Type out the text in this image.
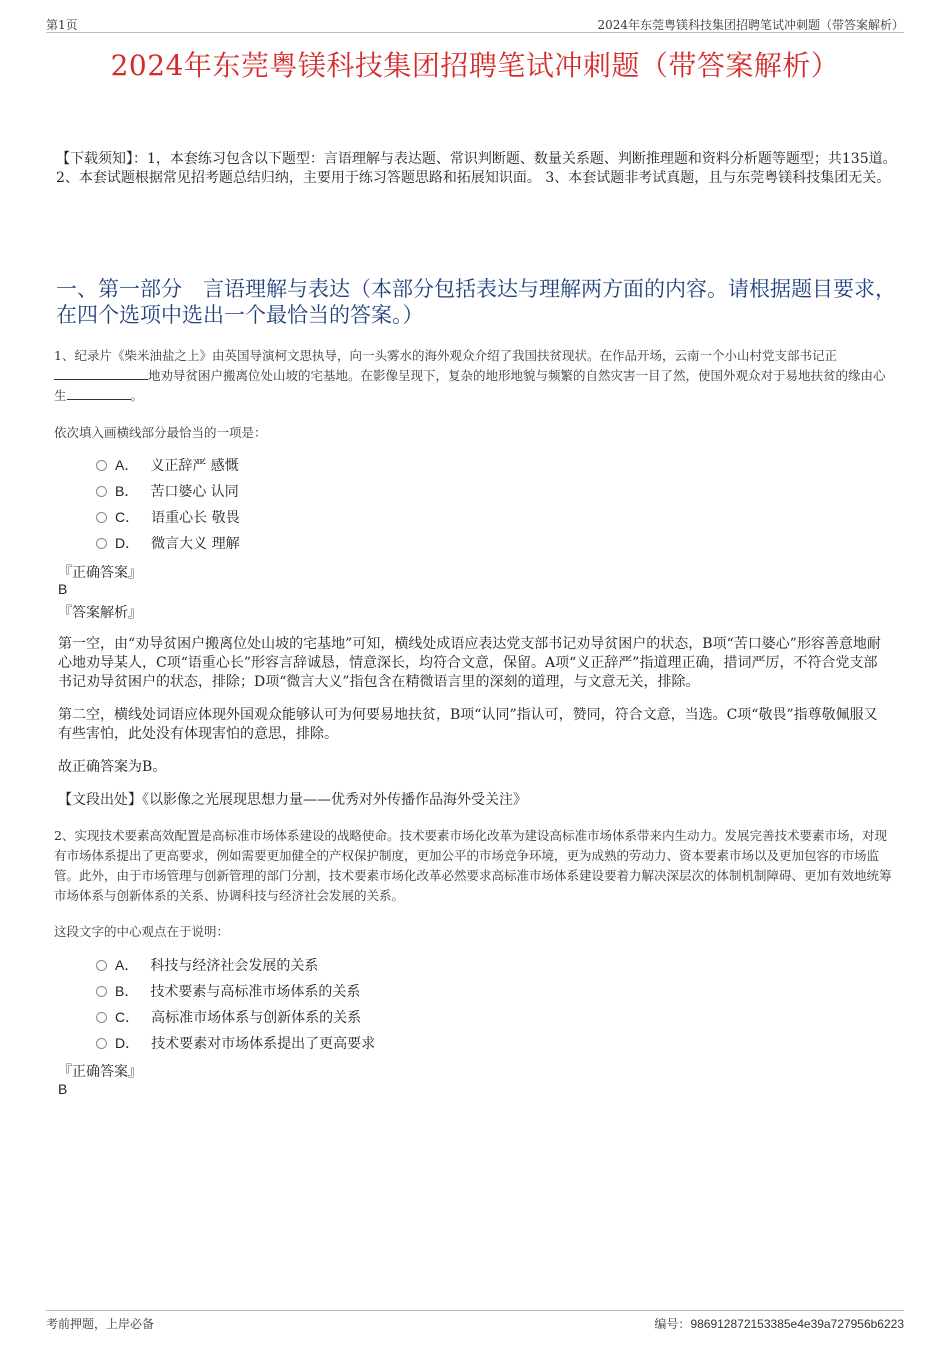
第1页	2024年东莞粤镁科技集团招聘笔试冲刺题（带答案解析）
2024年东莞粤镁科技集团招聘笔试冲刺题（带答案解析）
【下载须知】：1，本套练习包含以下题型：言语理解与表达题、常识判断题、数量关系题、判断推理题和资料分析题等题型；共135道。 2、本套试题根据常见招考题总结归纳，主要用于练习答题思路和拓展知识面。 3、本套试题非考试真题，且与东莞粤镁科技集团无关。
一、第一部分　言语理解与表达（本部分包括表达与理解两方面的内容。请根据题目要求，在四个选项中选出一个最恰当的答案。）
1、纪录片《柴米油盐之上》由英国导演柯文思执导，向一头雾水的海外观众介绍了我国扶贫现状。在作品开场，云南一个小山村党支部书记正地劝导贫困户搬离位处山坡的宅基地。在影像呈现下，复杂的地形地貌与频繁的自然灾害一目了然，使国外观众对于易地扶贫的缘由心生	。
依次填入画横线部分最恰当的一项是：
A． 义正辞严 感慨
B． 苦口婆心 认同
C． 语重心长 敬畏
D． 微言大义 理解
『正确答案』
B
『答案解析』
第一空，由“劝导贫困户搬离位处山坡的宅基地”可知，横线处成语应表达党支部书记劝导贫困户的状态，B项“苦口婆心”形容善意地耐心地劝导某人，C项“语重心长”形容言辞诚恳，情意深长，均符合文意，保留。A项“义正辞严”指道理正确，措词严厉，不符合党支部书记劝导贫困户的状态，排除；D项“微言大义”指包含在精微语言里的深刻的道理，与文意无关，排除。
第二空，横线处词语应体现外国观众能够认可为何要易地扶贫，B项“认同”指认可，赞同，符合文意，当选。C项“敬畏”指尊敬佩服又有些害怕，此处没有体现害怕的意思，排除。
故正确答案为B。
【文段出处】《以影像之光展现思想力量——优秀对外传播作品海外受关注》
2、实现技术要素高效配置是高标准市场体系建设的战略使命。技术要素市场化改革为建设高标准市场体系带来内生动力。发展完善技术要素市场，对现有市场体系提出了更高要求，例如需要更加健全的产权保护制度，更加公平的市场竞争环境，更为成熟的劳动力、资本要素市场以及更加包容的市场监管。此外，由于市场管理与创新管理的部门分割，技术要素市场化改革必然要求高标准市场体系建设要着力解决深层次的体制机制障碍、更加有效地统筹市场体系与创新体系的关系、协调科技与经济社会发展的关系。
这段文字的中心观点在于说明：
A． 科技与经济社会发展的关系
B． 技术要素与高标准市场体系的关系
C． 高标准市场体系与创新体系的关系
D． 技术要素对市场体系提出了更高要求
『正确答案』
B
考前押题，上岸必备	编号：986912872153385e4e39a727956b6223
